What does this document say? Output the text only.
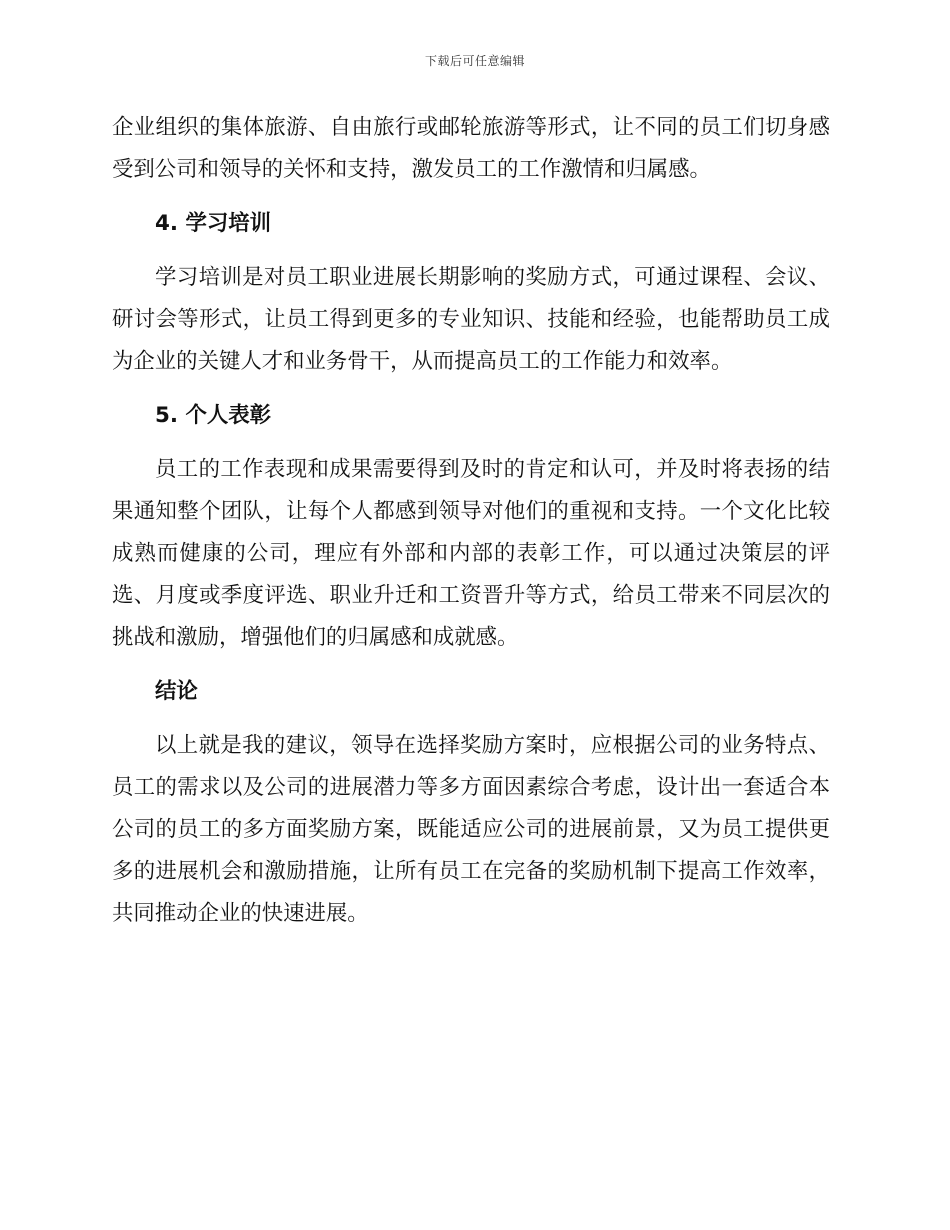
下载后可任意编辑

企业组织的集体旅游、自由旅行或邮轮旅游等形式，让不同的员工们切身感受到公司和领导的关怀和支持，激发员工的工作激情和归属感。

4. 学习培训

学习培训是对员工职业进展长期影响的奖励方式，可通过课程、会议、研讨会等形式，让员工得到更多的专业知识、技能和经验，也能帮助员工成为企业的关键人才和业务骨干，从而提高员工的工作能力和效率。

5. 个人表彰

员工的工作表现和成果需要得到及时的肯定和认可，并及时将表扬的结果通知整个团队，让每个人都感到领导对他们的重视和支持。一个文化比较成熟而健康的公司，理应有外部和内部的表彰工作，可以通过决策层的评选、月度或季度评选、职业升迁和工资晋升等方式，给员工带来不同层次的挑战和激励，增强他们的归属感和成就感。

结论

以上就是我的建议，领导在选择奖励方案时，应根据公司的业务特点、员工的需求以及公司的进展潜力等多方面因素综合考虑，设计出一套适合本公司的员工的多方面奖励方案，既能适应公司的进展前景，又为员工提供更多的进展机会和激励措施，让所有员工在完备的奖励机制下提高工作效率，共同推动企业的快速进展。
